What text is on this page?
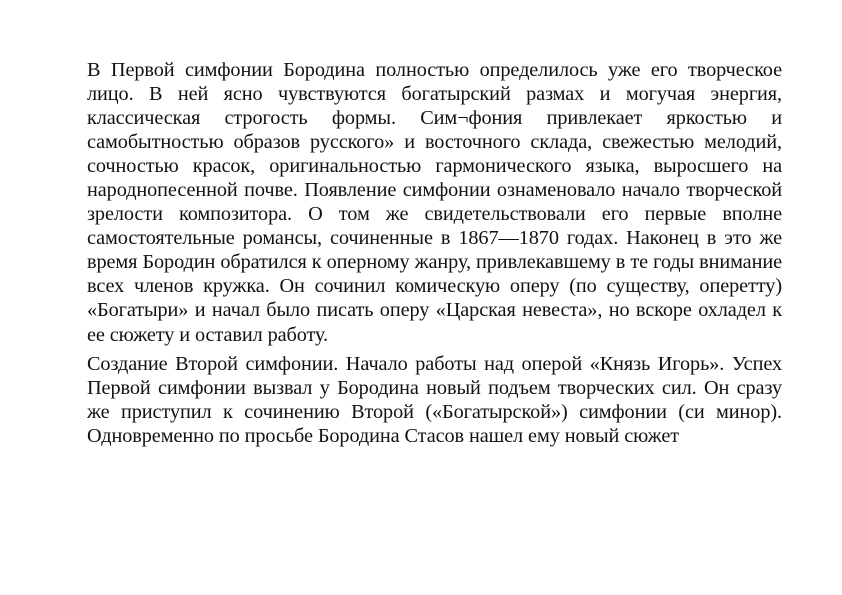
В Первой симфонии Бородина полностью определилось уже его творческое лицо. В ней ясно чувствуются богатырский размах и могучая энергия, классическая строгость формы. Сим¬фония привлекает яркостью и самобытностью образов русского» и восточного склада, свежестью мелодий, сочностью красок, оригинальностью гармонического языка, выросшего на народнопесенной почве. Появление симфонии ознаменовало начало творческой зрелости композитора. О том же свидетельствовали его первые вполне самостоятельные романсы, сочиненные в 1867—1870 годах. Наконец в это же время Бородин обратился к оперному жанру, привлекавшему в те годы внимание всех членов кружка. Он сочинил комическую оперу (по существу, оперетту) «Богатыри» и начал было писать оперу «Царская невеста», но вскоре охладел к ее сюжету и оставил работу.

Создание Второй симфонии. Начало работы над оперой «Князь Игорь». Успех Первой симфонии вызвал у Бородина новый подъем творческих сил. Он сразу же приступил к сочинению Второй («Богатырской») симфонии (си минор). Одновременно по просьбе Бородина Стасов нашел ему новый сюжет
